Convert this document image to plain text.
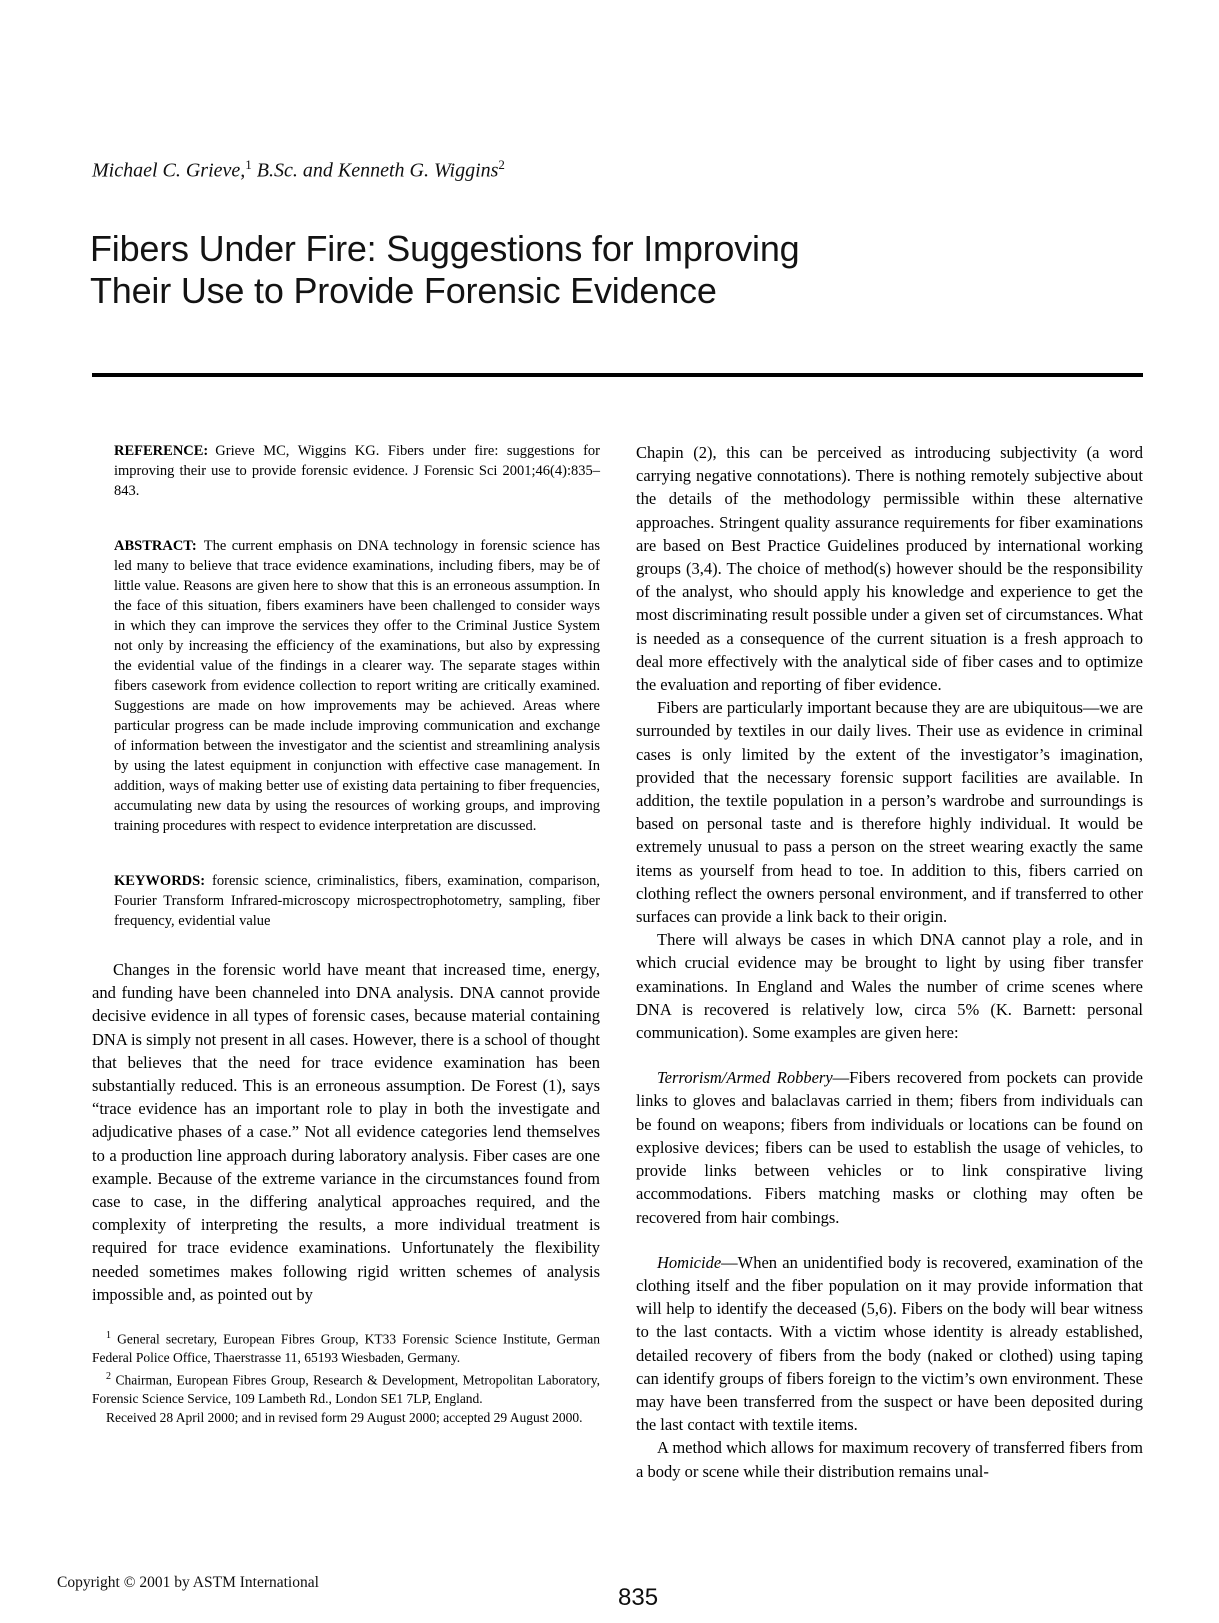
Michael C. Grieve,$^1$ B.Sc. and Kenneth G. Wiggins$^2$
Fibers Under Fire: Suggestions for Improving
Their Use to Provide Forensic Evidence

REFERENCE: Grieve MC, Wiggins KG. Fibers under fire: suggestions for improving their use to provide forensic evidence. J Forensic Sci 2001;46(4):835–843.

ABSTRACT: The current emphasis on DNA technology in forensic science has led many to believe that trace evidence examinations, including fibers, may be of little value. Reasons are given here to show that this is an erroneous assumption. In the face of this situation, fibers examiners have been challenged to consider ways in which they can improve the services they offer to the Criminal Justice System not only by increasing the efficiency of the examinations, but also by expressing the evidential value of the findings in a clearer way. The separate stages within fibers casework from evidence collection to report writing are critically examined. Suggestions are made on how improvements may be achieved. Areas where particular progress can be made include improving communication and exchange of information between the investigator and the scientist and streamlining analysis by using the latest equipment in conjunction with effective case management. In addition, ways of making better use of existing data pertaining to fiber frequencies, accumulating new data by using the resources of working groups, and improving training procedures with respect to evidence interpretation are discussed.

KEYWORDS: forensic science, criminalistics, fibers, examination, comparison, Fourier Transform Infrared-microscopy microspectrophotometry, sampling, fiber frequency, evidential value

Changes in the forensic world have meant that increased time, energy, and funding have been channeled into DNA analysis. DNA cannot provide decisive evidence in all types of forensic cases, because material containing DNA is simply not present in all cases. However, there is a school of thought that believes that the need for trace evidence examination has been substantially reduced. This is an erroneous assumption. De Forest (1), says “trace evidence has an important role to play in both the investigate and adjudicative phases of a case.” Not all evidence categories lend themselves to a production line approach during laboratory analysis. Fiber cases are one example. Because of the extreme variance in the circumstances found from case to case, in the differing analytical approaches required, and the complexity of interpreting the results, a more individual treatment is required for trace evidence examinations. Unfortunately the flexibility needed sometimes makes following rigid written schemes of analysis impossible and, as pointed out by

$^1$ General secretary, European Fibres Group, KT33 Forensic Science Institute, German Federal Police Office, Thaerstrasse 11, 65193 Wiesbaden, Germany.

$^2$ Chairman, European Fibres Group, Research & Development, Metropolitan Laboratory, Forensic Science Service, 109 Lambeth Rd., London SE1 7LP, England.

Received 28 April 2000; and in revised form 29 August 2000; accepted 29 August 2000.

Chapin (2), this can be perceived as introducing subjectivity (a word carrying negative connotations). There is nothing remotely subjective about the details of the methodology permissible within these alternative approaches. Stringent quality assurance requirements for fiber examinations are based on Best Practice Guidelines produced by international working groups (3,4). The choice of method(s) however should be the responsibility of the analyst, who should apply his knowledge and experience to get the most discriminating result possible under a given set of circumstances. What is needed as a consequence of the current situation is a fresh approach to deal more effectively with the analytical side of fiber cases and to optimize the evaluation and reporting of fiber evidence.

Fibers are particularly important because they are are ubiquitous—we are surrounded by textiles in our daily lives. Their use as evidence in criminal cases is only limited by the extent of the investigator’s imagination, provided that the necessary forensic support facilities are available. In addition, the textile population in a person’s wardrobe and surroundings is based on personal taste and is therefore highly individual. It would be extremely unusual to pass a person on the street wearing exactly the same items as yourself from head to toe. In addition to this, fibers carried on clothing reflect the owners personal environment, and if transferred to other surfaces can provide a link back to their origin.

There will always be cases in which DNA cannot play a role, and in which crucial evidence may be brought to light by using fiber transfer examinations. In England and Wales the number of crime scenes where DNA is recovered is relatively low, circa 5% (K. Barnett: personal communication). Some examples are given here:

Terrorism/Armed Robbery—Fibers recovered from pockets can provide links to gloves and balaclavas carried in them; fibers from individuals can be found on weapons; fibers from individuals or locations can be found on explosive devices; fibers can be used to establish the usage of vehicles, to provide links between vehicles or to link conspirative living accommodations. Fibers matching masks or clothing may often be recovered from hair combings.

Homicide—When an unidentified body is recovered, examination of the clothing itself and the fiber population on it may provide information that will help to identify the deceased (5,6). Fibers on the body will bear witness to the last contacts. With a victim whose identity is already established, detailed recovery of fibers from the body (naked or clothed) using taping can identify groups of fibers foreign to the victim’s own environment. These may have been transferred from the suspect or have been deposited during the last contact with textile items.

A method which allows for maximum recovery of transferred fibers from a body or scene while their distribution remains unal-

Copyright © 2001 by ASTM International
835
